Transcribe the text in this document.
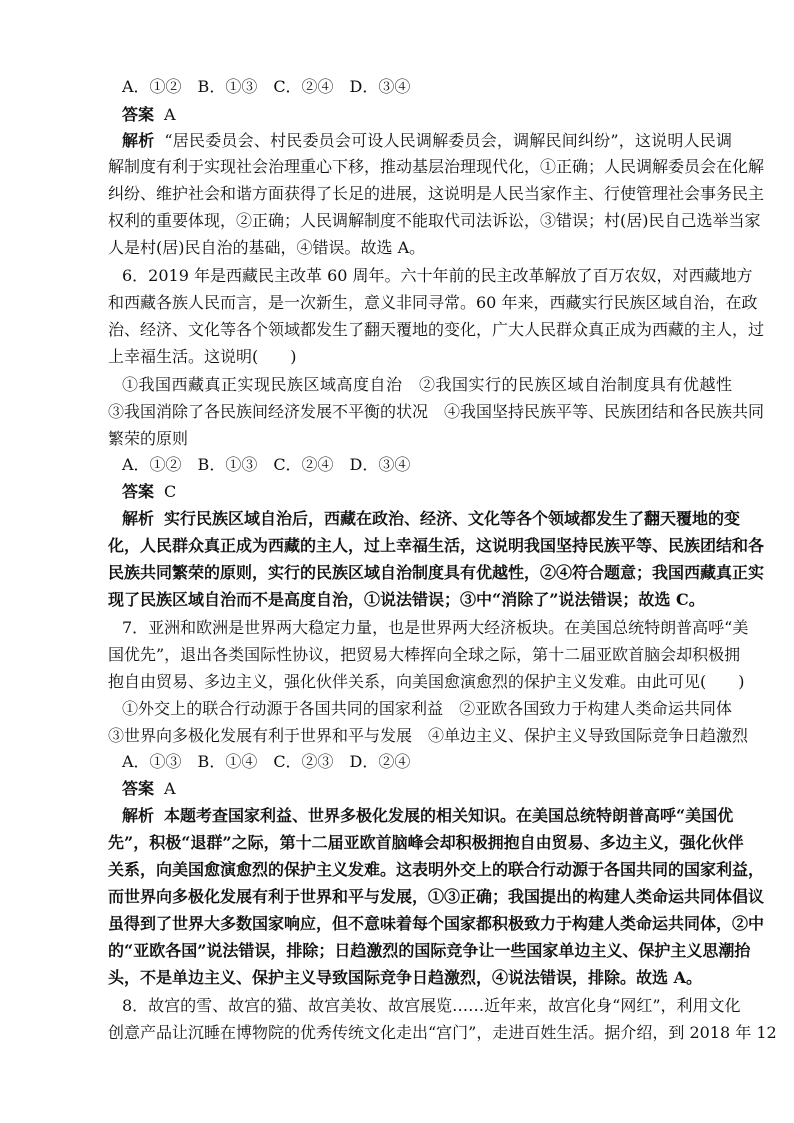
A．①②　B．①③　C．②④　D．③④
答案 A
解析 “居民委员会、村民委员会可设人民调解委员会，调解民间纠纷”，这说明人民调
解制度有利于实现社会治理重心下移，推动基层治理现代化，①正确；人民调解委员会在化解
纠纷、维护社会和谐方面获得了长足的进展，这说明是人民当家作主、行使管理社会事务民主
权利的重要体现，②正确；人民调解制度不能取代司法诉讼，③错误；村(居)民自己选举当家
人是村(居)民自治的基础，④错误。故选 A。
6．2019 年是西藏民主改革 60 周年。六十年前的民主改革解放了百万农奴，对西藏地方
和西藏各族人民而言，是一次新生，意义非同寻常。60 年来，西藏实行民族区域自治，在政
治、经济、文化等各个领域都发生了翻天覆地的变化，广大人民群众真正成为西藏的主人，过
上幸福生活。这说明(　　)
①我国西藏真正实现民族区域高度自治　②我国实行的民族区域自治制度具有优越性
③我国消除了各民族间经济发展不平衡的状况　④我国坚持民族平等、民族团结和各民族共同
繁荣的原则
A．①②　B．①③　C．②④　D．③④
答案 C
解析 实行民族区域自治后，西藏在政治、经济、文化等各个领域都发生了翻天覆地的变
化，人民群众真正成为西藏的主人，过上幸福生活，这说明我国坚持民族平等、民族团结和各
民族共同繁荣的原则，实行的民族区域自治制度具有优越性，②④符合题意；我国西藏真正实
现了民族区域自治而不是高度自治，①说法错误；③中“消除了”说法错误；故选 C。
7．亚洲和欧洲是世界两大稳定力量，也是世界两大经济板块。在美国总统特朗普高呼“美
国优先”，退出各类国际性协议，把贸易大棒挥向全球之际，第十二届亚欧首脑会却积极拥
抱自由贸易、多边主义，强化伙伴关系，向美国愈演愈烈的保护主义发难。由此可见(　　)
①外交上的联合行动源于各国共同的国家利益　②亚欧各国致力于构建人类命运共同体
③世界向多极化发展有利于世界和平与发展　④单边主义、保护主义导致国际竞争日趋激烈
A．①③　B．①④　C．②③　D．②④
答案 A
解析 本题考查国家利益、世界多极化发展的相关知识。在美国总统特朗普高呼“美国优
先”，积极“退群”之际，第十二届亚欧首脑峰会却积极拥抱自由贸易、多边主义，强化伙伴
关系，向美国愈演愈烈的保护主义发难。这表明外交上的联合行动源于各国共同的国家利益，
而世界向多极化发展有利于世界和平与发展，①③正确；我国提出的构建人类命运共同体倡议
虽得到了世界大多数国家响应，但不意味着每个国家都积极致力于构建人类命运共同体，②中
的“亚欧各国”说法错误，排除；日趋激烈的国际竞争让一些国家单边主义、保护主义思潮抬
头，不是单边主义、保护主义导致国际竞争日趋激烈，④说法错误，排除。故选 A。
8．故宫的雪、故宫的猫、故宫美妆、故宫展览……近年来，故宫化身“网红”，利用文化
创意产品让沉睡在博物院的优秀传统文化走出“宫门”，走进百姓生活。据介绍，到 2018 年 12
